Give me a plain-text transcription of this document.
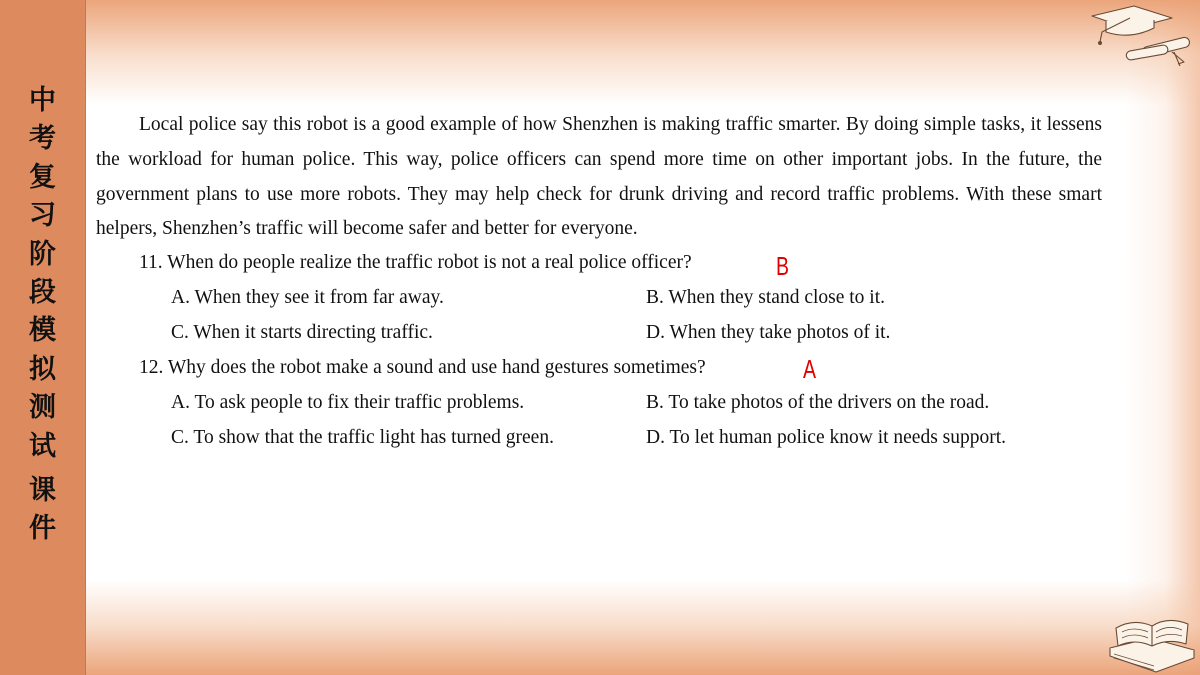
中
考
复
习
阶
段
模
拟
测
试
课
件

Local police say this robot is a good example of how Shenzhen is making traffic smarter. By doing simple tasks, it lessens the workload for human police. This way, police officers can spend more time on other important jobs. In the future, the government plans to use more robots. They may help check for drunk driving and record traffic problems. With these smart helpers, Shenzhen’s traffic will become safer and better for everyone.

11. When do people realize the traffic robot is not a real police officer?	B
A. When they see it from far away.	B. When they stand close to it.
C. When it starts directing traffic.	D. When they take photos of it.
12. Why does the robot make a sound and use hand gestures sometimes?	A
A. To ask people to fix their traffic problems.	B. To take photos of the drivers on the road.
C. To show that the traffic light has turned green.	D. To let human police know it needs support.
